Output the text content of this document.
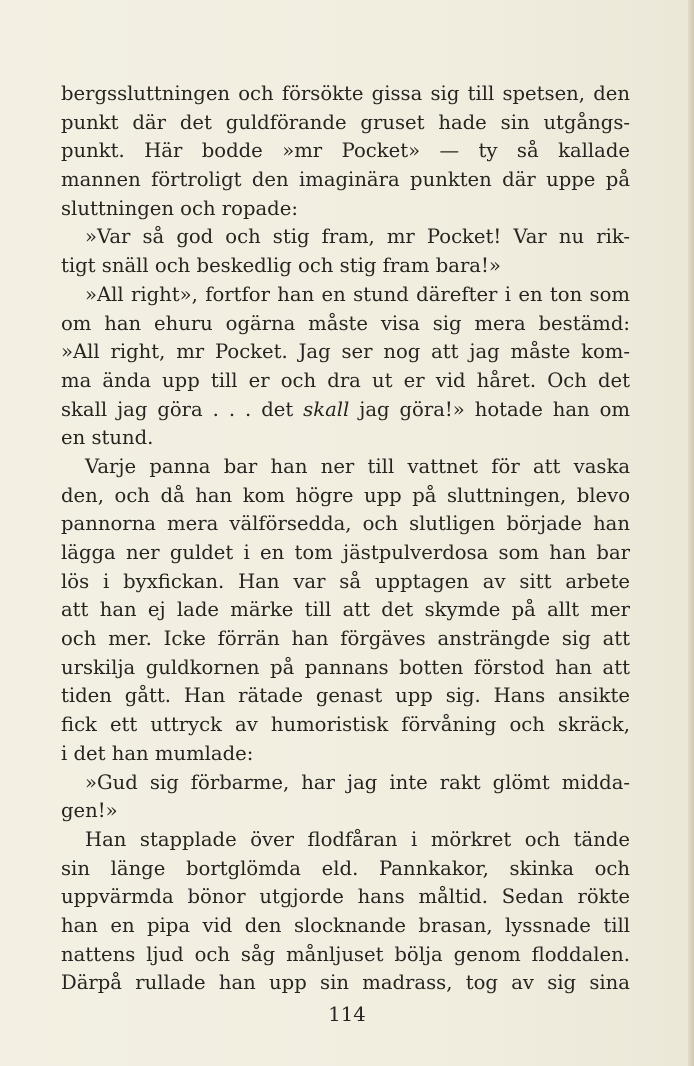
bergssluttningen och försökte gissa sig till spetsen, den
punkt där det guldförande gruset hade sin utgångs-
punkt. Här bodde »mr Pocket» — ty så kallade
mannen förtroligt den imaginära punkten där uppe på
sluttningen och ropade:
»Var så god och stig fram, mr Pocket! Var nu rik-
tigt snäll och beskedlig och stig fram bara!»
»All right», fortfor han en stund därefter i en ton som
om han ehuru ogärna måste visa sig mera bestämd:
»All right, mr Pocket. Jag ser nog att jag måste kom-
ma ända upp till er och dra ut er vid håret. Och det
skall jag göra . . . det skall jag göra!» hotade han om
en stund.
Varje panna bar han ner till vattnet för att vaska
den, och då han kom högre upp på sluttningen, blevo
pannorna mera välförsedda, och slutligen började han
lägga ner guldet i en tom jästpulverdosa som han bar
lös i byxfickan. Han var så upptagen av sitt arbete
att han ej lade märke till att det skymde på allt mer
och mer. Icke förrän han förgäves ansträngde sig att
urskilja guldkornen på pannans botten förstod han att
tiden gått. Han rätade genast upp sig. Hans ansikte
fick ett uttryck av humoristisk förvåning och skräck,
i det han mumlade:
»Gud sig förbarme, har jag inte rakt glömt midda-
gen!»
Han stapplade över flodfåran i mörkret och tände
sin länge bortglömda eld. Pannkakor, skinka och
uppvärmda bönor utgjorde hans måltid. Sedan rökte
han en pipa vid den slocknande brasan, lyssnade till
nattens ljud och såg månljuset bölja genom floddalen.
Därpå rullade han upp sin madrass, tog av sig sina
114
